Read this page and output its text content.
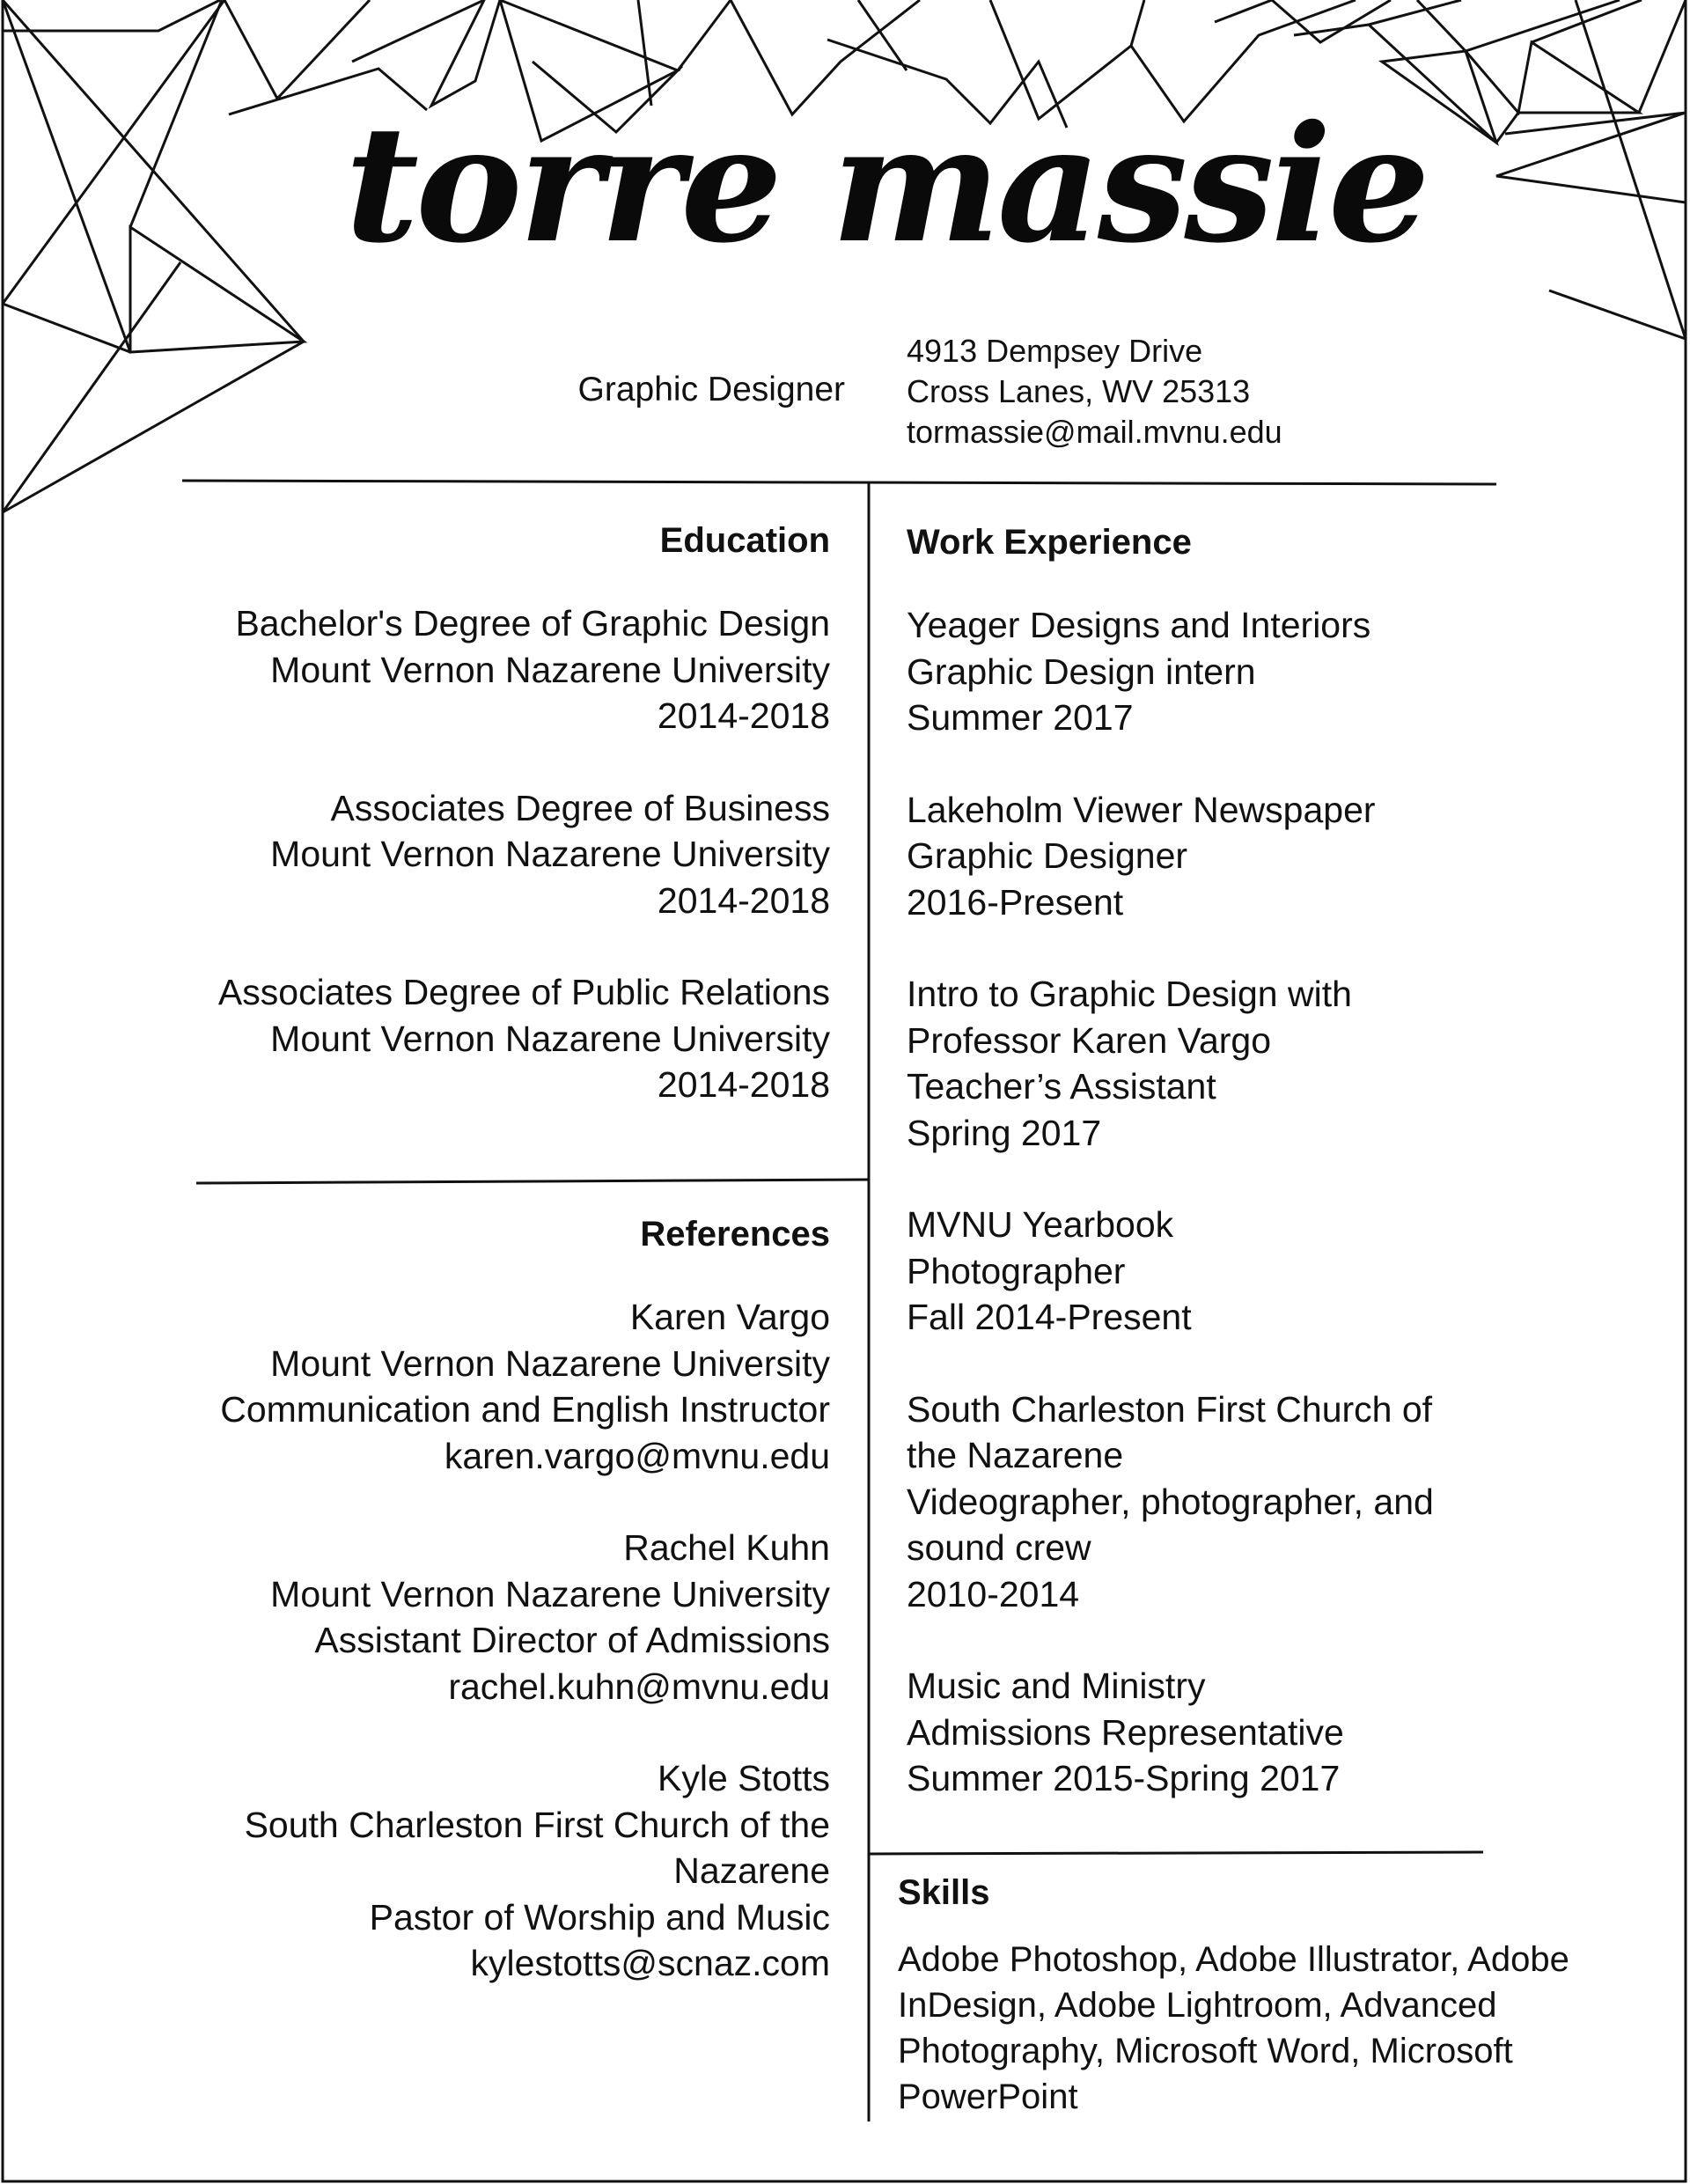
torre massie
Graphic Designer
4913 Dempsey Drive
Cross Lanes, WV 25313
tormassie@mail.mvnu.edu
Education
Bachelor's Degree of Graphic Design
Mount Vernon Nazarene University
2014-2018
Associates Degree of Business
Mount Vernon Nazarene University
2014-2018
Associates Degree of Public Relations
Mount Vernon Nazarene University
2014-2018
References
Karen Vargo
Mount Vernon Nazarene University
Communication and English Instructor
karen.vargo@mvnu.edu
Rachel Kuhn
Mount Vernon Nazarene University
Assistant Director of Admissions
rachel.kuhn@mvnu.edu
Kyle Stotts
South Charleston First Church of the
Nazarene
Pastor of Worship and Music
kylestotts@scnaz.com
Work Experience
Yeager Designs and Interiors
Graphic Design intern
Summer 2017
Lakeholm Viewer Newspaper
Graphic Designer
2016-Present
Intro to Graphic Design with
Professor Karen Vargo
Teacher’s Assistant
Spring 2017
MVNU Yearbook
Photographer
Fall 2014-Present
South Charleston First Church of
the Nazarene
Videographer, photographer, and
sound crew
2010-2014
Music and Ministry
Admissions Representative
Summer 2015-Spring 2017
Skills
Adobe Photoshop, Adobe Illustrator, Adobe InDesign, Adobe Lightroom, Advanced Photography, Microsoft Word, Microsoft PowerPoint
